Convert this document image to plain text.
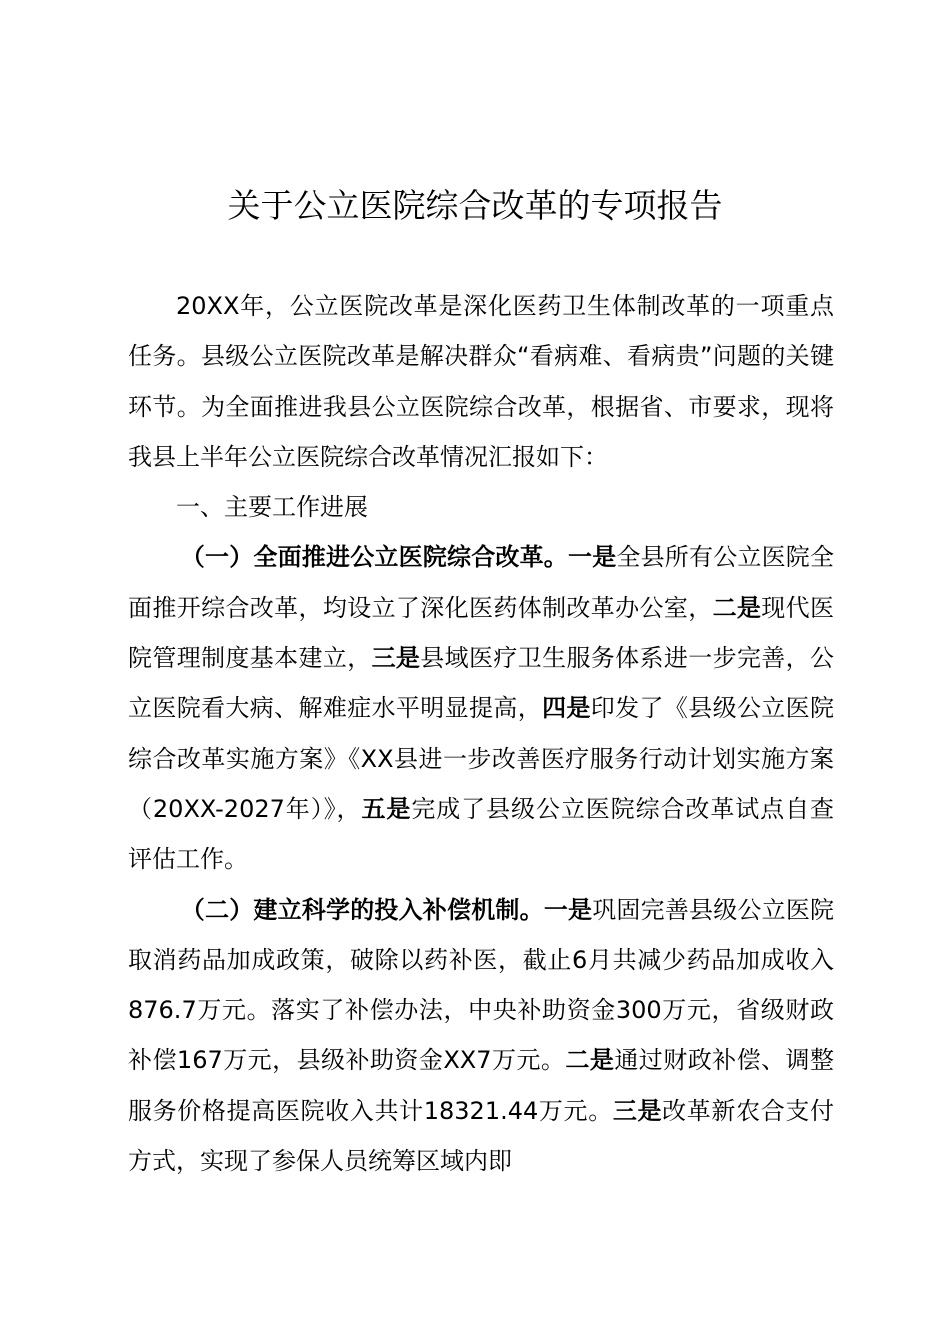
关于公立医院综合改革的专项报告

20XX年，公立医院改革是深化医药卫生体制改革的一项重点任务。县级公立医院改革是解决群众“看病难、看病贵”问题的关键环节。为全面推进我县公立医院综合改革，根据省、市要求，现将我县上半年公立医院综合改革情况汇报如下：

一、主要工作进展

（一）全面推进公立医院综合改革。一是全县所有公立医院全面推开综合改革，均设立了深化医药体制改革办公室，二是现代医院管理制度基本建立，三是县域医疗卫生服务体系进一步完善，公立医院看大病、解难症水平明显提高，四是印发了《县级公立医院综合改革实施方案》《XX县进一步改善医疗服务行动计划实施方案（20XX-2027年）》，五是完成了县级公立医院综合改革试点自查评估工作。

（二）建立科学的投入补偿机制。一是巩固完善县级公立医院取消药品加成政策，破除以药补医，截止6月共减少药品加成收入876.7万元。落实了补偿办法，中央补助资金300万元，省级财政补偿167万元，县级补助资金XX7万元。二是通过财政补偿、调整服务价格提高医院收入共计18321.44万元。三是改革新农合支付方式，实现了参保人员统筹区域内即
